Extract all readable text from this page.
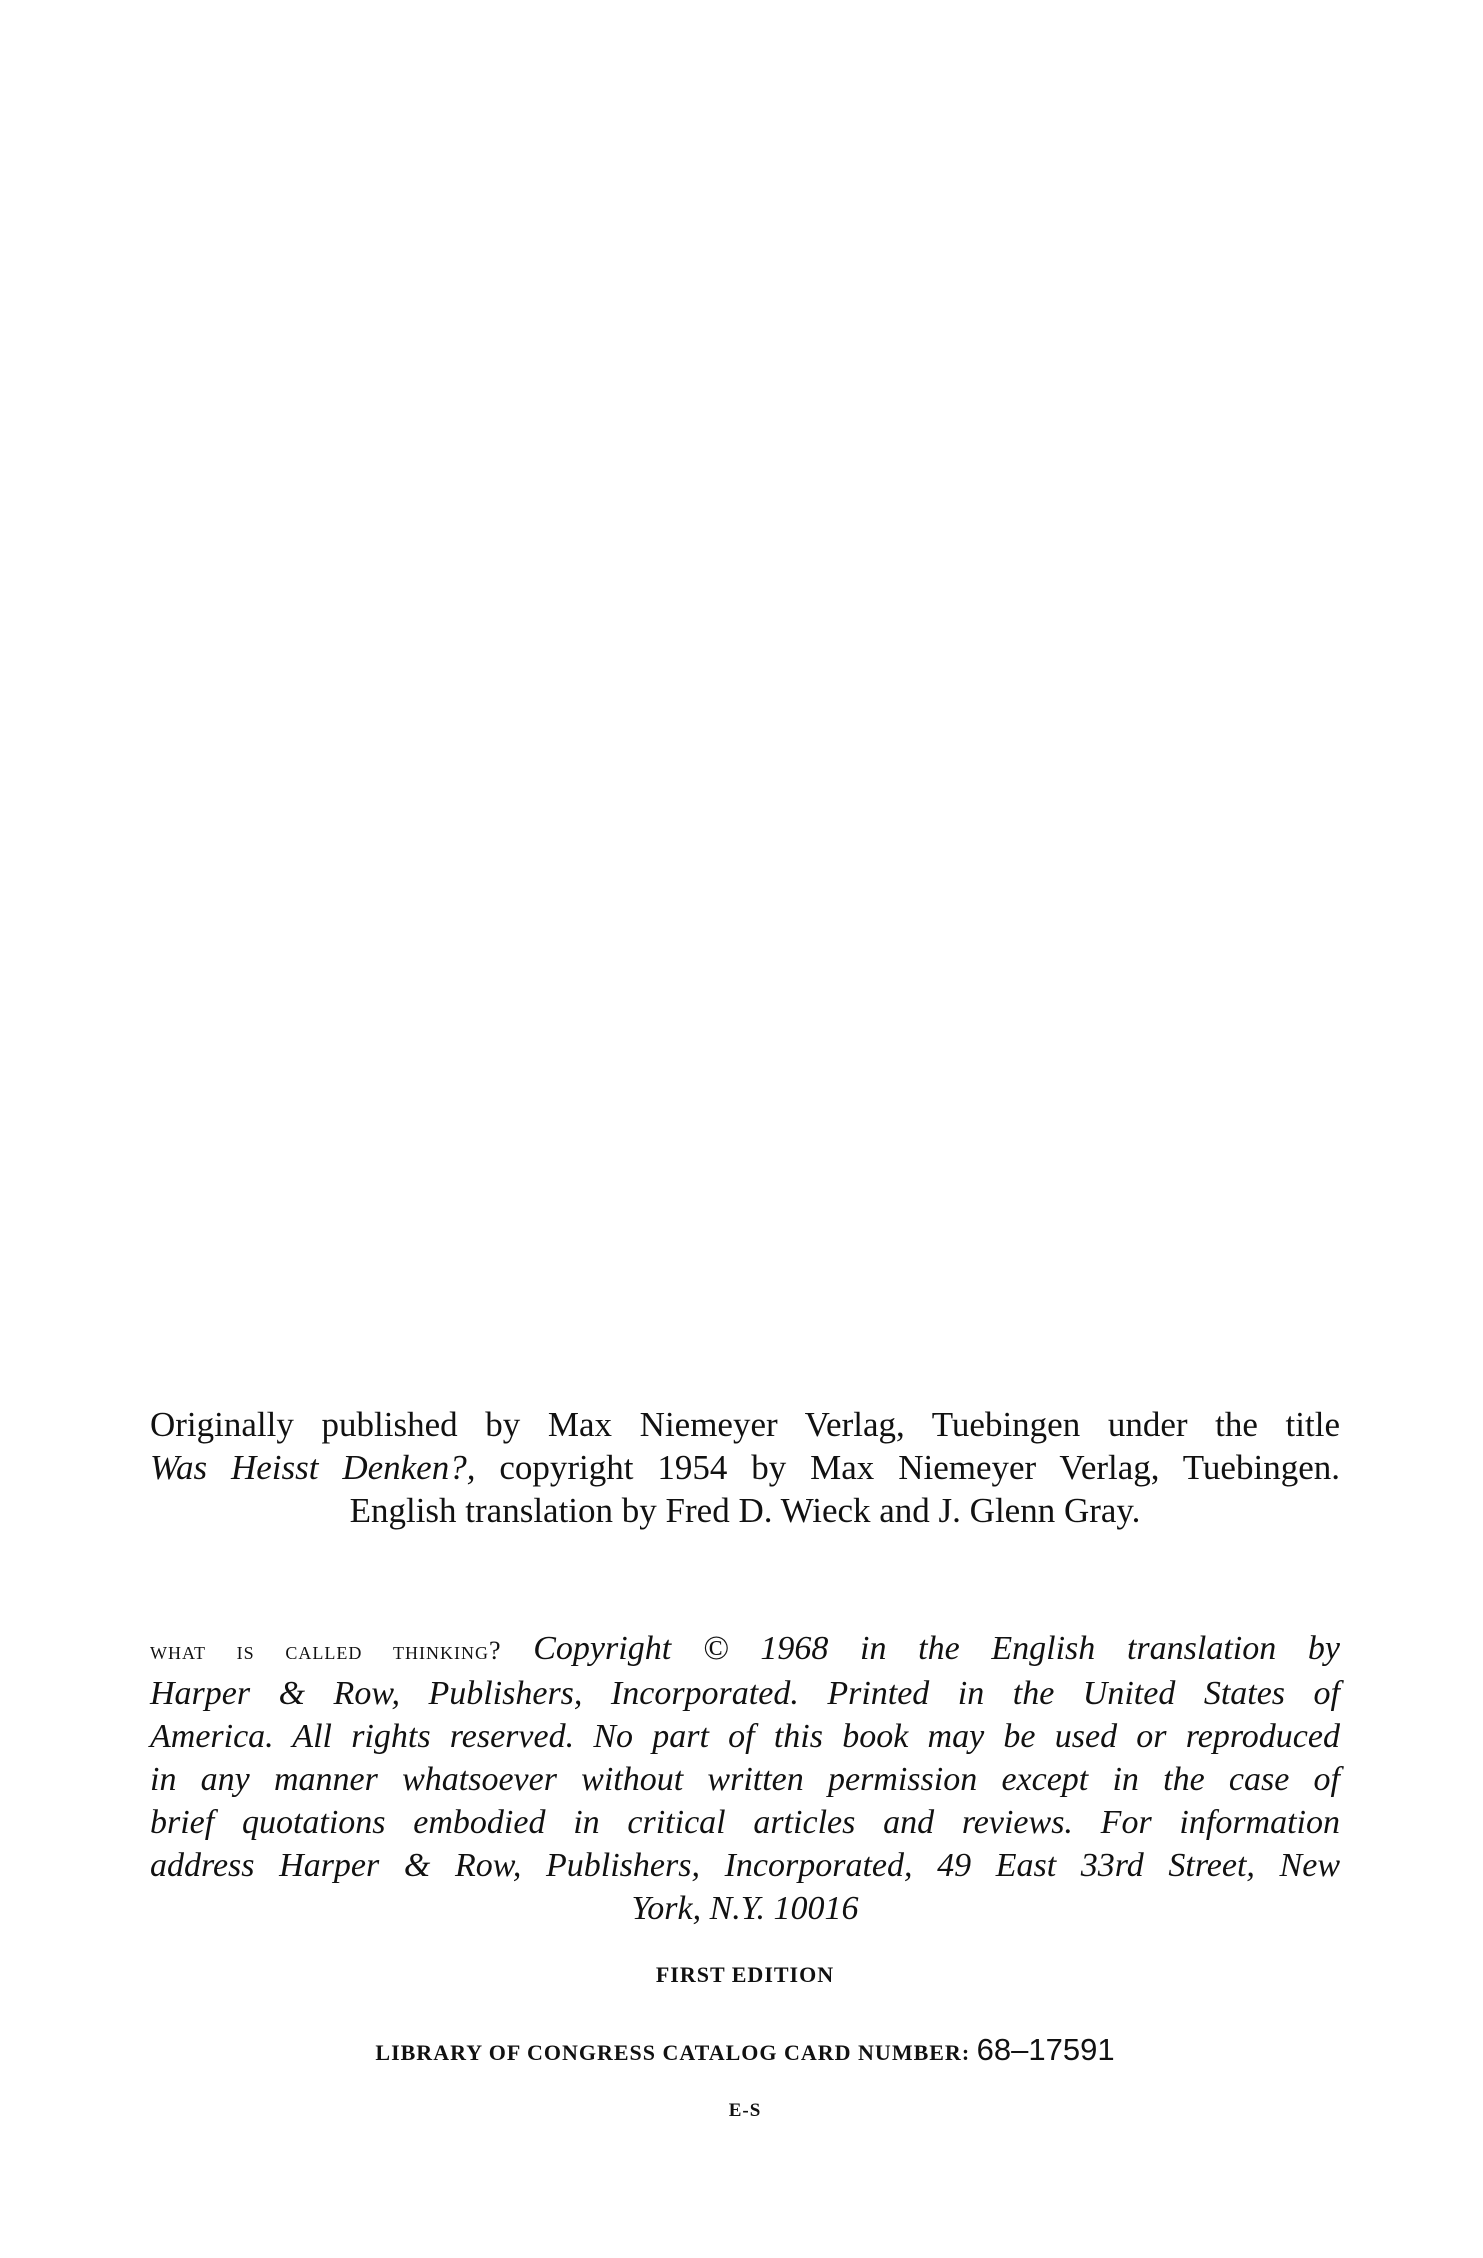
Originally published by Max Niemeyer Verlag, Tuebingen under the title
Was Heisst Denken?, copyright 1954 by Max Niemeyer Verlag, Tuebingen.
English translation by Fred D. Wieck and J. Glenn Gray.
what is called thinking? Copyright © 1968 in the English translation by
Harper & Row, Publishers, Incorporated. Printed in the United States of
America. All rights reserved. No part of this book may be used or reproduced
in any manner whatsoever without written permission except in the case of
brief quotations embodied in critical articles and reviews. For information
address Harper & Row, Publishers, Incorporated, 49 East 33rd Street, New
York, N.Y. 10016
FIRST EDITION
LIBRARY OF CONGRESS CATALOG CARD NUMBER: 68–17591
E-S
